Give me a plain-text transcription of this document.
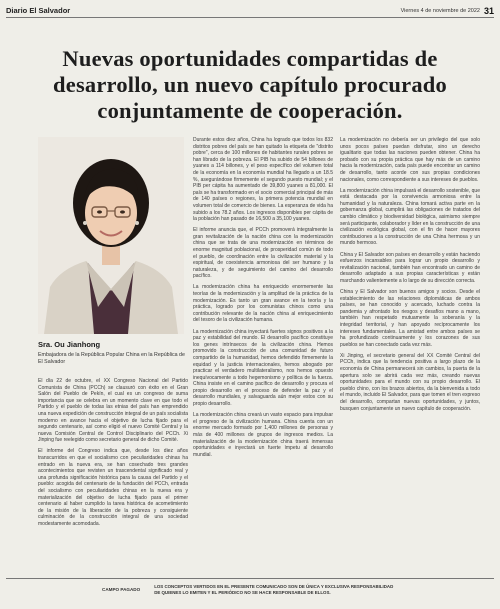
Diario El Salvador	Viernes 4 de noviembre de 2022 31
Nuevas oportunidades compartidas de desarrollo, un nuevo capítulo procurado conjuntamente de cooperación.
Sra. Ou Jianhong
Embajadora de la República Popular China en la República de El Salvador

El día 22 de octubre, el XX Congreso Nacional del Partido Comunista de China (PCCh) se clausuró con éxito en el Gran Salón del Pueblo de Pekín, el cual es un congreso de suma importancia que se celebra en un momento clave en que todo el Partido y el pueblo de todas las etnias del país han emprendido una nueva expedición de construcción integral de un país socialista moderno en avance hacia el objetivo de lucha fijado para el segundo centenario, así como eligió el nuevo Comité Central y la nueva Comisión Central de Control Disciplinario del PCCh. Xi Jinping fue reelegido como secretario general de dicho Comité.

El informe del Congreso indica que, desde los diez años transcurridos en que el socialismo con peculiaridades chinas ha entrado en la nueva era, se han cosechado tres grandes acontecimientos que revisten un trascendental significado real y una profunda significación histórica para la causa del Partido y el pueblo: acogida del centenario de la fundación del PCCh, entrada del socialismo con peculiaridades chinas en la nueva era y materialización del objetivo de lucha fijado para el primer centenario al haber cumplido la tarea histórica de acometimiento de la misión de la liberación de la pobreza y consiguiente culminación de la construcción integral de una sociedad modestamente acomodada.

Durante estos diez años, China ha logrado que todos los 832 distritos pobres del país se han quitado la etiqueta de "distrito pobre", cerca de 100 millones de habitantes rurales pobres se han librado de la pobreza. El PIB ha subido de 54 billones de yuanes a 114 billones, y el peso específico del volumen total de la economía en la economía mundial ha llegado a un 18.5 %, asegurándose firmemente el segundo puesto mundial; y el PIB per cápita ha aumentado de 39,800 yuanes a 81,000. El país se ha transformado en el socio comercial principal de más de 140 países o regiones, la primera potencia mundial en volumen total de comercio de bienes. La esperanza de vida ha subido a los 78.2 años. Los ingresos disponibles per cápita de la población han pasado de 16,500 a 35,100 yuanes.

El informe anuncia que, el PCCh promoverá integralmente la gran revitalización de la nación china con la modernización china que se trata de una modernización en términos de enorme magnitud poblacional, de prosperidad común de todo el pueblo, de coordinación entre la civilización material y la espiritual, de coexistencia armoniosa del ser humano y la naturaleza, y de seguimiento del camino del desarrollo pacífico.

La modernización china ha enriquecido enormemente las teorías de la modernización y la amplitud de la práctica de la modernización. Es tanto un gran avance en la teoría y la práctica, logrado por los comunistas chinos como una contribución relevante de la nación china al enriquecimiento del tesoro de la civilización humana.

La modernización china inyectará fuertes signos positivos a la paz y estabilidad del mundo. El desarrollo pacífico constituye los genes intrínsecos de la civilización china. Hemos promovido la construcción de una comunidad de futuro compartido de la humanidad, hemos defendido firmemente la equidad y la justicia internacionales, hemos abogado por practicar el verdadero multilateralismo, nos hemos opuesto inequívocamente a todo hegemonismo y política de la fuerza. China insiste en el camino pacífico de desarrollo y procura el propio desarrollo en el proceso de defender la paz y el desarrollo mundiales, y salvaguarda aún mejor estos con su propio desarrollo.

La modernización china creará un vasto espacio para impulsar el progreso de la civilización humana. China cuenta con un enorme mercado formado por 1,400 millones de personas y más de 400 millones de grupos de ingresos medios. La materialización de la modernización china traerá inmensas oportunidades e inyectará un fuerte ímpetu al desarrollo mundial.

La modernización no debería ser un privilegio del que solo unos pocos países puedan disfrutar, sino un derecho igualitario que todas las naciones pueden obtener. China ha probado con su propia práctica que hay más de un camino hacia la modernización, cada país puede encontrar un camino de desarrollo, tanto acorde con sus propias condiciones nacionales, como correspondiente a sus intereses de pueblos.

La modernización china impulsará el desarrollo sostenible, que está destacada por la convivencia armoniosa entre la humanidad y la naturaleza. China tomará activa parte en la gobernanza global, cumplirá las obligaciones de tratados del cambio climático y biodiversidad biológica, asimismo siempre será participante, colaborador y líder en la construcción de una civilización ecológica global, con el fin de hacer mayores contribuciones a la construcción de una China hermosa y un mundo hermoso.

China y El Salvador son países en desarrollo y están haciendo esfuerzos incansables para lograr un propio desarrollo y revitalización nacional, también han encontrado un camino de desarrollo adaptado a sus propias características y están marchando valientemente a lo largo de su dirección correcta.

China y El Salvador son buenos amigos y socios. Desde el establecimiento de las relaciones diplomáticas de ambos países, se han conocido y acercado, luchado contra la pandemia y afrontado los riesgos y desafíos mano a mano, también han respetado mutuamente la soberanía y la integridad territorial, y han apoyado recíprocamente los intereses fundamentales. La amistad entre ambos países se ha profundizado continuamente y los corazones de sus pueblos se han conectado cada vez más.

Xi Jinping, el secretario general del XX Comité Central del PCCh, indica que la tendencia positiva a largo plazo de la economía de China permanecerá sin cambios, la puerta de la apertura solo se abrirá cada vez más, creando nuevas oportunidades para el mundo con su propio desarrollo. El pueblo chino, con los brazos abiertos, da la bienvenida a todo el mundo, incluido El Salvador, para que tomen el tren expreso del desarrollo, compartan nuevas oportunidades, y juntos, busquen conjuntamente un nuevo capítulo de cooperación.

CAMPO PAGADO
LOS CONCEPTOS VERTIDOS EN EL PRESENTE COMUNICADO SON DE ÚNICA Y EXCLUSIVA RESPONSABILIDAD DE QUIENES LO EMITEN Y EL PERIÓDICO NO SE HACE RESPONSABLE DE ELLOS.
